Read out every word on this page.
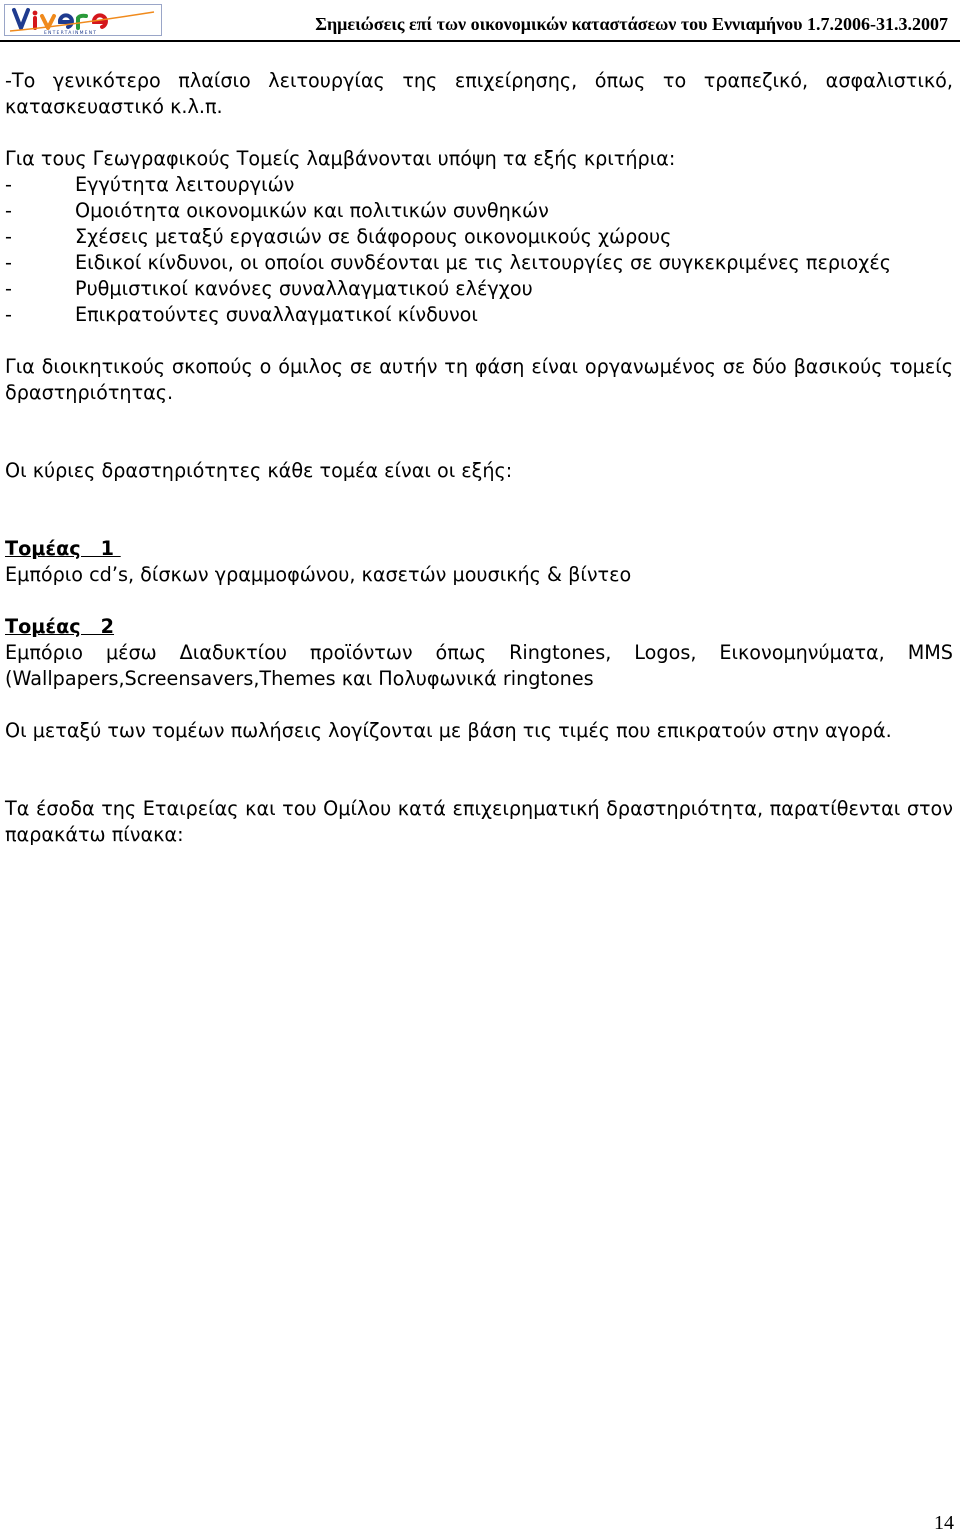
ENTERTAINMENT	Σημειώσεις επί των οικονομικών καταστάσεων του Εννιαμήνου 1.7.2006-31.3.2007

-Το γενικότερο πλαίσιο λειτουργίας της επιχείρησης, όπως το τραπεζικό, ασφαλιστικό, κατασκευαστικό κ.λ.π.

Για τους Γεωγραφικούς Τομείς λαμβάνονται υπόψη τα εξής κριτήρια:

-	Εγγύτητα λειτουργιών
-	Ομοιότητα οικονομικών και πολιτικών συνθηκών
-	Σχέσεις μεταξύ εργασιών σε διάφορους οικονομικούς χώρους
-	Ειδικοί κίνδυνοι, οι οποίοι συνδέονται με τις λειτουργίες σε συγκεκριμένες περιοχές
-	Ρυθμιστικοί κανόνες συναλλαγματικού ελέγχου
-	Επικρατούντες συναλλαγματικοί κίνδυνοι

Για διοικητικούς σκοπούς ο όμιλος σε αυτήν τη φάση είναι οργανωμένος σε δύο βασικούς τομείς δραστηριότητας.

Οι κύριες δραστηριότητες κάθε τομέα είναι οι εξής:

Τομέας   1

Εμπόριο cd’s, δίσκων γραμμοφώνου, κασετών μουσικής & βίντεο

Τομέας   2

Εμπόριο μέσω Διαδυκτίου προϊόντων όπως Ringtones, Logos, Εικονομηνύματα, MMS (Wallpapers,Screensavers,Themes και Πολυφωνικά ringtones

Οι μεταξύ των τομέων πωλήσεις λογίζονται με βάση τις τιμές που επικρατούν στην αγορά.

Τα έσοδα της Εταιρείας και του Ομίλου κατά επιχειρηματική δραστηριότητα, παρατίθενται στον παρακάτω πίνακα:

14
